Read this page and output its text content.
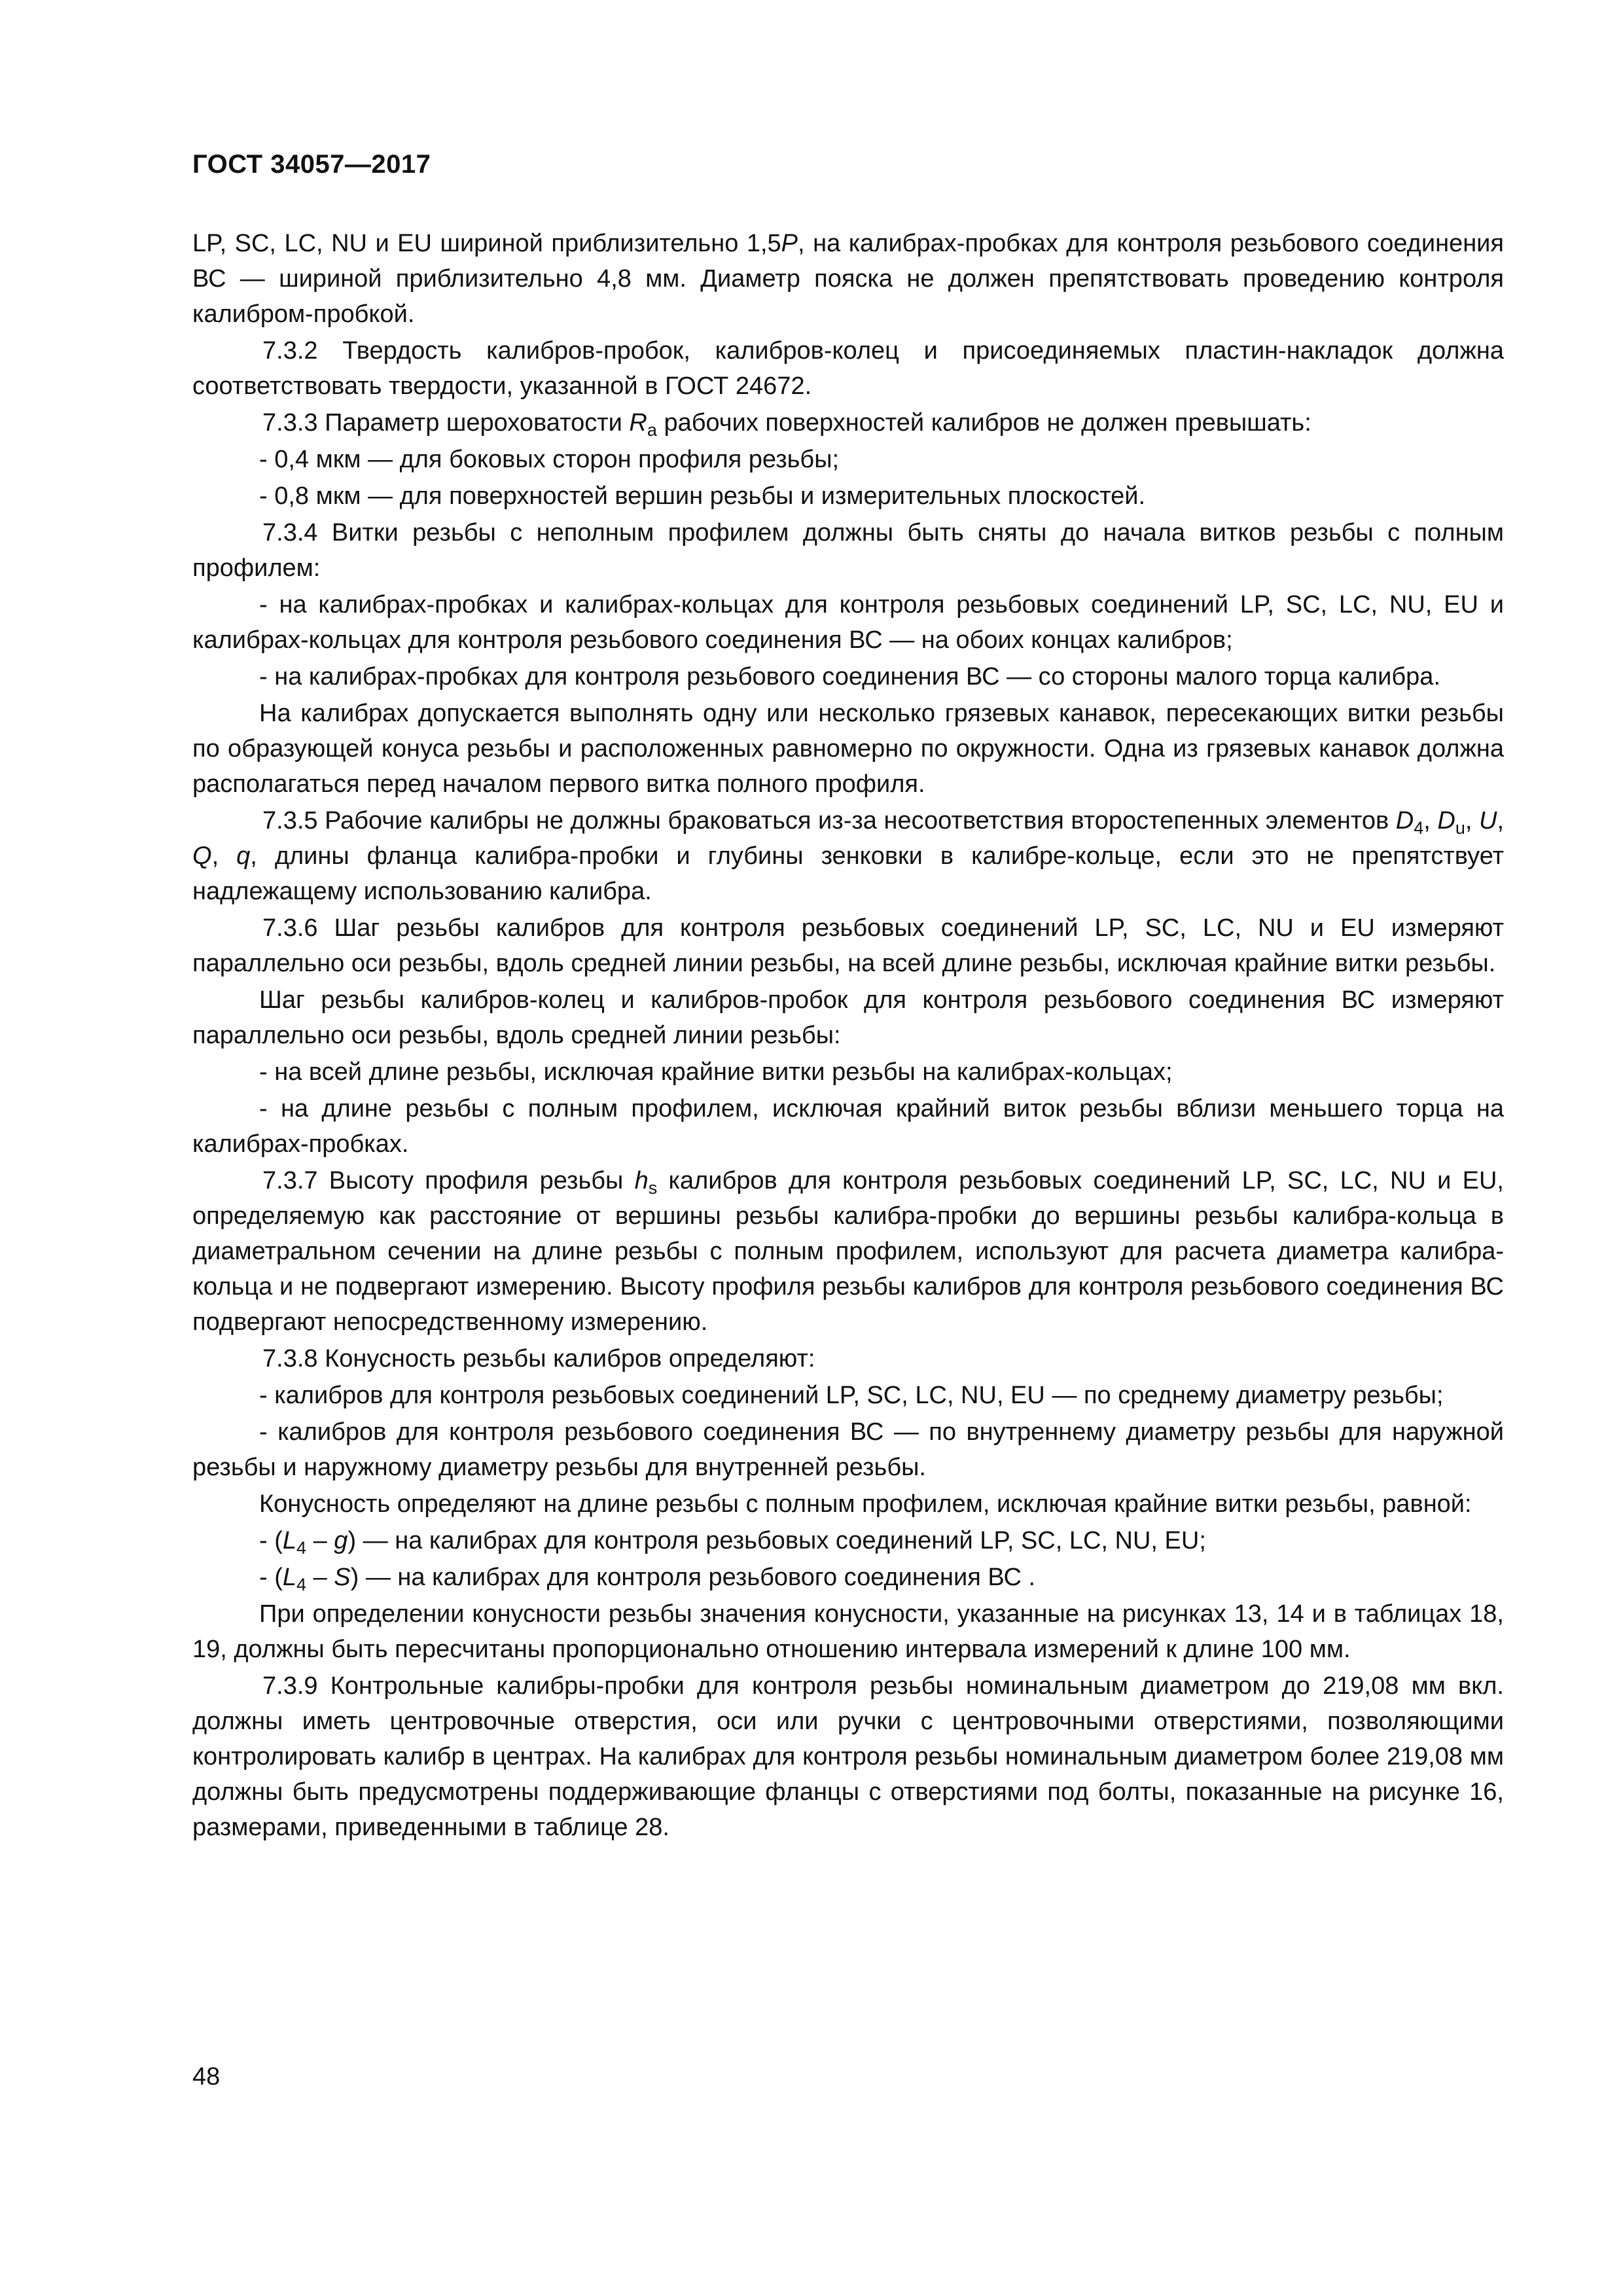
ГОСТ 34057—2017

LP, SC, LC, NU и EU шириной приблизительно 1,5P, на калибрах-пробках для контроля резьбового соединения ВС — шириной приблизительно 4,8 мм. Диаметр пояска не должен препятствовать проведению контроля калибром-пробкой.

7.3.2 Твердость калибров-пробок, калибров-колец и присоединяемых пластин-накладок должна соответствовать твердости, указанной в ГОСТ 24672.

7.3.3 Параметр шероховатости $R_a$ рабочих поверхностей калибров не должен превышать:

- 0,4 мкм — для боковых сторон профиля резьбы;

- 0,8 мкм — для поверхностей вершин резьбы и измерительных плоскостей.

7.3.4 Витки резьбы с неполным профилем должны быть сняты до начала витков резьбы с полным профилем:

- на калибрах-пробках и калибрах-кольцах для контроля резьбовых соединений LP, SC, LC, NU, EU и калибрах-кольцах для контроля резьбового соединения ВС — на обоих концах калибров;

- на калибрах-пробках для контроля резьбового соединения ВС — со стороны малого торца калибра.

На калибрах допускается выполнять одну или несколько грязевых канавок, пересекающих витки резьбы по образующей конуса резьбы и расположенных равномерно по окружности. Одна из грязевых канавок должна располагаться перед началом первого витка полного профиля.

7.3.5 Рабочие калибры не должны браковаться из-за несоответствия второстепенных элементов $D_4$, $D_u$, U, Q, q, длины фланца калибра-пробки и глубины зенковки в калибре-кольце, если это не препятствует надлежащему использованию калибра.

7.3.6 Шаг резьбы калибров для контроля резьбовых соединений LP, SC, LC, NU и EU измеряют параллельно оси резьбы, вдоль средней линии резьбы, на всей длине резьбы, исключая крайние витки резьбы.

Шаг резьбы калибров-колец и калибров-пробок для контроля резьбового соединения ВС измеряют параллельно оси резьбы, вдоль средней линии резьбы:

- на всей длине резьбы, исключая крайние витки резьбы на калибрах-кольцах;

- на длине резьбы с полным профилем, исключая крайний виток резьбы вблизи меньшего торца на калибрах-пробках.

7.3.7 Высоту профиля резьбы $h_s$ калибров для контроля резьбовых соединений LP, SC, LC, NU и EU, определяемую как расстояние от вершины резьбы калибра-пробки до вершины резьбы калибра-кольца в диаметральном сечении на длине резьбы с полным профилем, используют для расчета диаметра калибра-кольца и не подвергают измерению. Высоту профиля резьбы калибров для контроля резьбового соединения ВС подвергают непосредственному измерению.

7.3.8 Конусность резьбы калибров определяют:

- калибров для контроля резьбовых соединений LP, SC, LC, NU, EU — по среднему диаметру резьбы;

- калибров для контроля резьбового соединения ВС — по внутреннему диаметру резьбы для наружной резьбы и наружному диаметру резьбы для внутренней резьбы.

Конусность определяют на длине резьбы с полным профилем, исключая крайние витки резьбы, равной:

- $(L_4 - g)$ — на калибрах для контроля резьбовых соединений LP, SC, LC, NU, EU;

- $(L_4 - S)$ — на калибрах для контроля резьбового соединения ВС .

При определении конусности резьбы значения конусности, указанные на рисунках 13, 14 и в таблицах 18, 19, должны быть пересчитаны пропорционально отношению интервала измерений к длине 100 мм.

7.3.9 Контрольные калибры-пробки для контроля резьбы номинальным диаметром до 219,08 мм вкл. должны иметь центровочные отверстия, оси или ручки с центровочными отверстиями, позволяющими контролировать калибр в центрах. На калибрах для контроля резьбы номинальным диаметром более 219,08 мм должны быть предусмотрены поддерживающие фланцы с отверстиями под болты, показанные на рисунке 16, размерами, приведенными в таблице 28.

48
